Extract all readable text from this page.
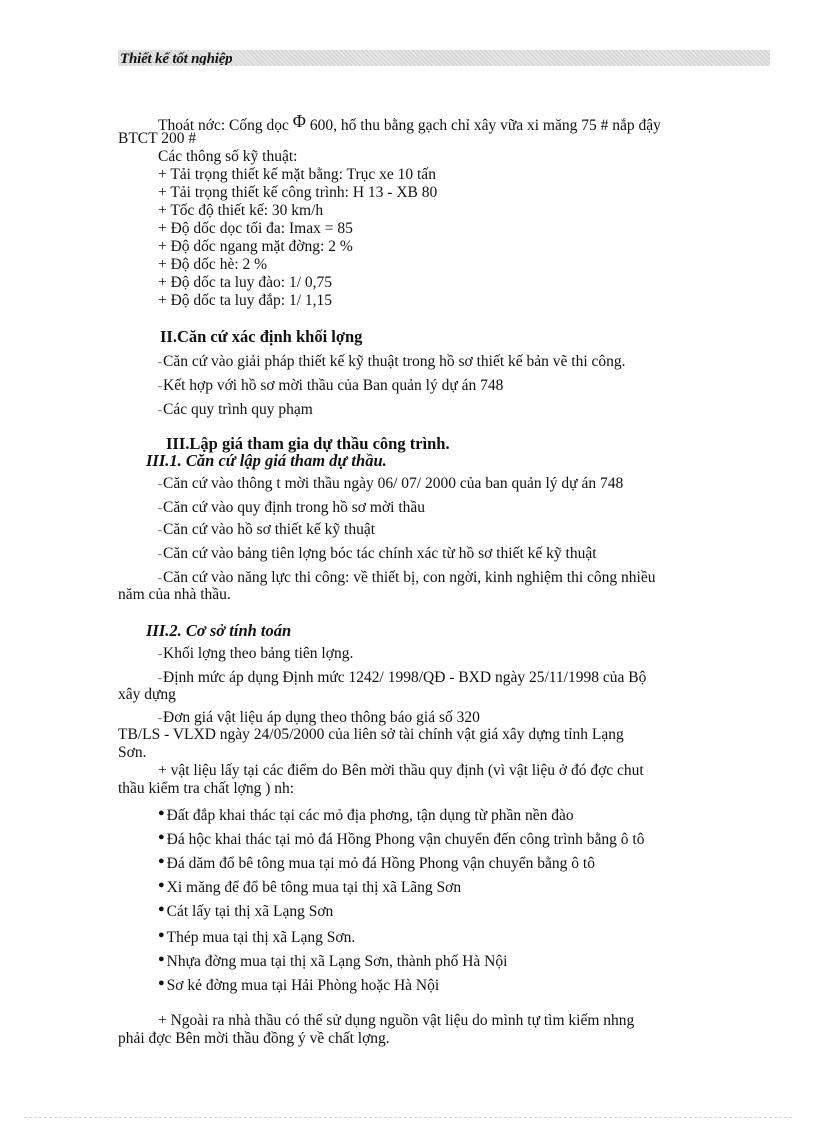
Thiết kế tốt nghiệp
Thoát nớc: Cống dọc Φ 600, hố thu bằng gạch chỉ xây vữa xi măng 75 # nắp đậy
BTCT 200 #
Các thông số kỹ thuật:
+ Tải trọng thiết kế mặt bằng: Trục xe 10 tấn
+ Tải trọng thiết kế công trình: H 13 - XB 80
+ Tốc độ thiết kế: 30 km/h
+ Độ dốc dọc tối đa: Imax = 85
+ Độ dốc ngang mặt đờng: 2 %
+ Độ dốc hè: 2 %
+ Độ dốc ta luy đào: 1/ 0,75
+ Độ dốc ta luy đắp: 1/ 1,15
II.Căn cứ xác định khối lợng
˗Căn cứ vào giải pháp thiết kế kỹ thuật trong hồ sơ thiết kế bản vẽ thi công.
˗Kết hợp với hồ sơ mời thầu của Ban quản lý dự án 748
˗Các quy trình quy phạm
III.Lập giá tham gia dự thầu công trình.
III.1. Căn cứ lập giá tham dự thầu.
˗Căn cứ vào thông t mời thầu ngày 06/ 07/ 2000 của ban quản lý dự án 748
˗Căn cứ vào quy định trong hồ sơ mời thầu
˗Căn cứ vào hồ sơ thiết kế kỹ thuật
˗Căn cứ vào bảng tiên lợng bóc tác chính xác từ hồ sơ thiết kế kỹ thuật
˗Căn cứ vào năng lực thi công: về thiết bị, con ngời, kinh nghiệm thi công nhiều
năm của nhà thầu.
III.2. Cơ sở tính toán
˗Khối lợng theo bảng tiên lợng.
˗Định mức áp dụng Định mức 1242/ 1998/QĐ - BXD ngày 25/11/1998 của Bộ
xây dựng
˗Đơn giá vật liệu áp dụng theo thông báo giá số 320
TB/LS - VLXD ngày 24/05/2000 của liên sở tài chính vật giá xây dựng tỉnh Lạng
Sơn.
+ vật liệu lấy tại các điểm do Bên mời thầu quy định (vì vật liệu ở đó đợc chut
thầu kiểm tra chất lợng ) nh:
● Đất đắp khai thác tại các mỏ địa phơng, tận dụng từ phần nền đào
● Đá hộc khai thác tại mỏ đá Hồng Phong vận chuyển đến công trình bằng ô tô
● Đá dăm đổ bê tông mua tại mỏ đá Hồng Phong vận chuyển bằng ô tô
● Xi măng để đổ bê tông mua tại thị xã Lãng Sơn
● Cát lấy tại thị xã Lạng Sơn
● Thép mua tại thị xã Lạng Sơn.
● Nhựa đờng mua tại thị xã Lạng Sơn, thành phố Hà Nội
● Sơ kẻ đờng mua tại Hải Phòng hoặc Hà Nội
+ Ngoài ra nhà thầu có thể sử dụng nguồn vật liệu do mình tự tìm kiếm nhng
phải đợc Bên mời thầu đồng ý về chất lợng.
